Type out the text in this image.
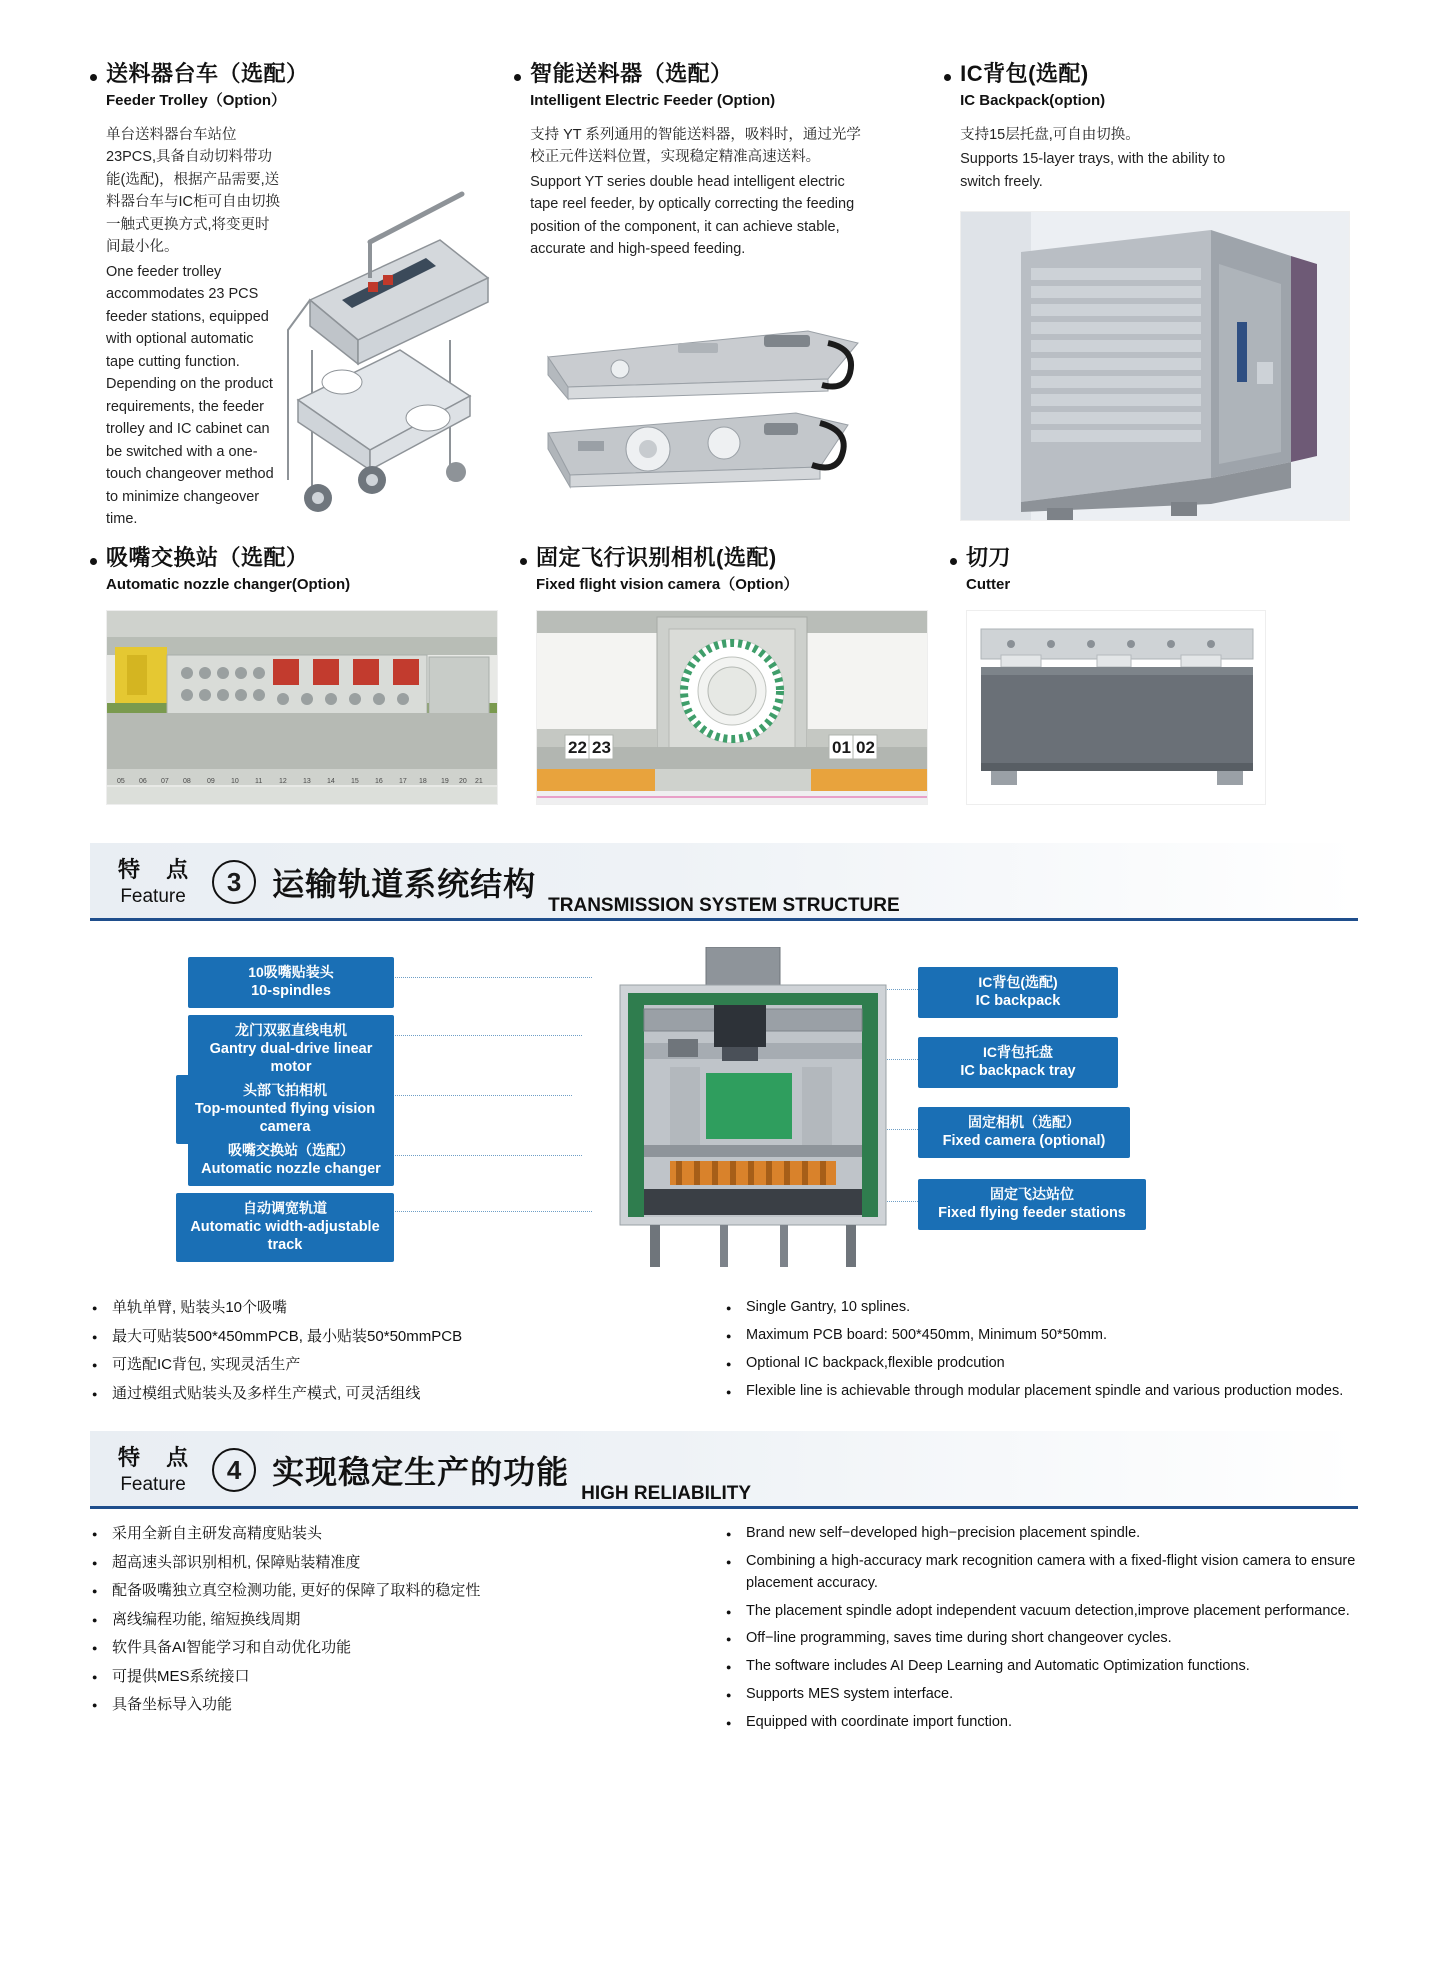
送料器台车（选配）
Feeder Trolley（Option）

单台送料器台车站位23PCS,具备自动切料带功能(选配)，根据产品需要,送料器台车与IC柜可自由切换一触式更换方式,将变更时间最小化。

One feeder trolley accommodates 23 PCS feeder stations, equipped with optional automatic tape cutting function. Depending on the product requirements, the feeder trolley and IC cabinet can be switched with a one-touch changeover method to minimize changeover time.

智能送料器（选配）
Intelligent Electric Feeder (Option)

支持 YT 系列通用的智能送料器，吸料时，通过光学校正元件送料位置，实现稳定精准高速送料。

Support YT series double head intelligent electric tape reel feeder, by optically correcting the feeding position of the component, it can achieve stable, accurate and high-speed feeding.

IC背包(选配)
IC Backpack(option)

支持15层托盘,可自由切换。

Supports 15-layer trays, with the ability to switch freely.

吸嘴交换站（选配）
Automatic nozzle changer(Option)
05 06 07 08 09 10 11 12 13 14 15 16 17 18 19 20 21
固定飞行识别相机(选配)
Fixed flight vision camera（Option）
22 23	01 02
切刀
Cutter
特 点
Feature	3 运输轨道系统结构
TRANSMISSION SYSTEM STRUCTURE
10吸嘴贴装头
10-spindles
龙门双驱直线电机
Gantry dual-drive linear motor
头部飞拍相机
Top-mounted flying vision camera
吸嘴交换站（选配）
Automatic nozzle changer
自动调宽轨道
Automatic width-adjustable track
IC背包(选配)
IC backpack
IC背包托盘
IC backpack tray
固定相机（选配）
Fixed camera (optional)
固定飞达站位
Fixed flying feeder stations
● 单轨单臂, 贴装头10个吸嘴
● 最大可贴装500*450mmPCB, 最小贴装50*50mmPCB
● 可选配IC背包, 实现灵活生产
● 通过模组式贴装头及多样生产模式, 可灵活组线
● Single Gantry, 10 splines.
● Maximum PCB board: 500*450mm, Minimum 50*50mm.
● Optional IC backpack,flexible prodcution
● Flexible line is achievable through modular placement spindle and various production modes.
特 点
Feature	4 实现稳定生产的功能
HIGH RELIABILITY
● 采用全新自主研发高精度贴装头
● 超高速头部识别相机, 保障贴装精准度
● 配备吸嘴独立真空检测功能, 更好的保障了取料的稳定性
● 离线编程功能, 缩短换线周期
● 软件具备AI智能学习和自动优化功能
● 可提供MES系统接口
● 具备坐标导入功能
● Brand new self−developed high−precision placement spindle.
● Combining a high-accuracy mark recognition camera with a fixed-flight vision camera to ensure placement accuracy.
● The placement spindle adopt independent vacuum detection,improve placement performance.
● Off−line programming, saves time during short changeover cycles.
● The software includes AI Deep Learning and Automatic Optimization functions.
● Supports MES system interface.
● Equipped with coordinate import function.
